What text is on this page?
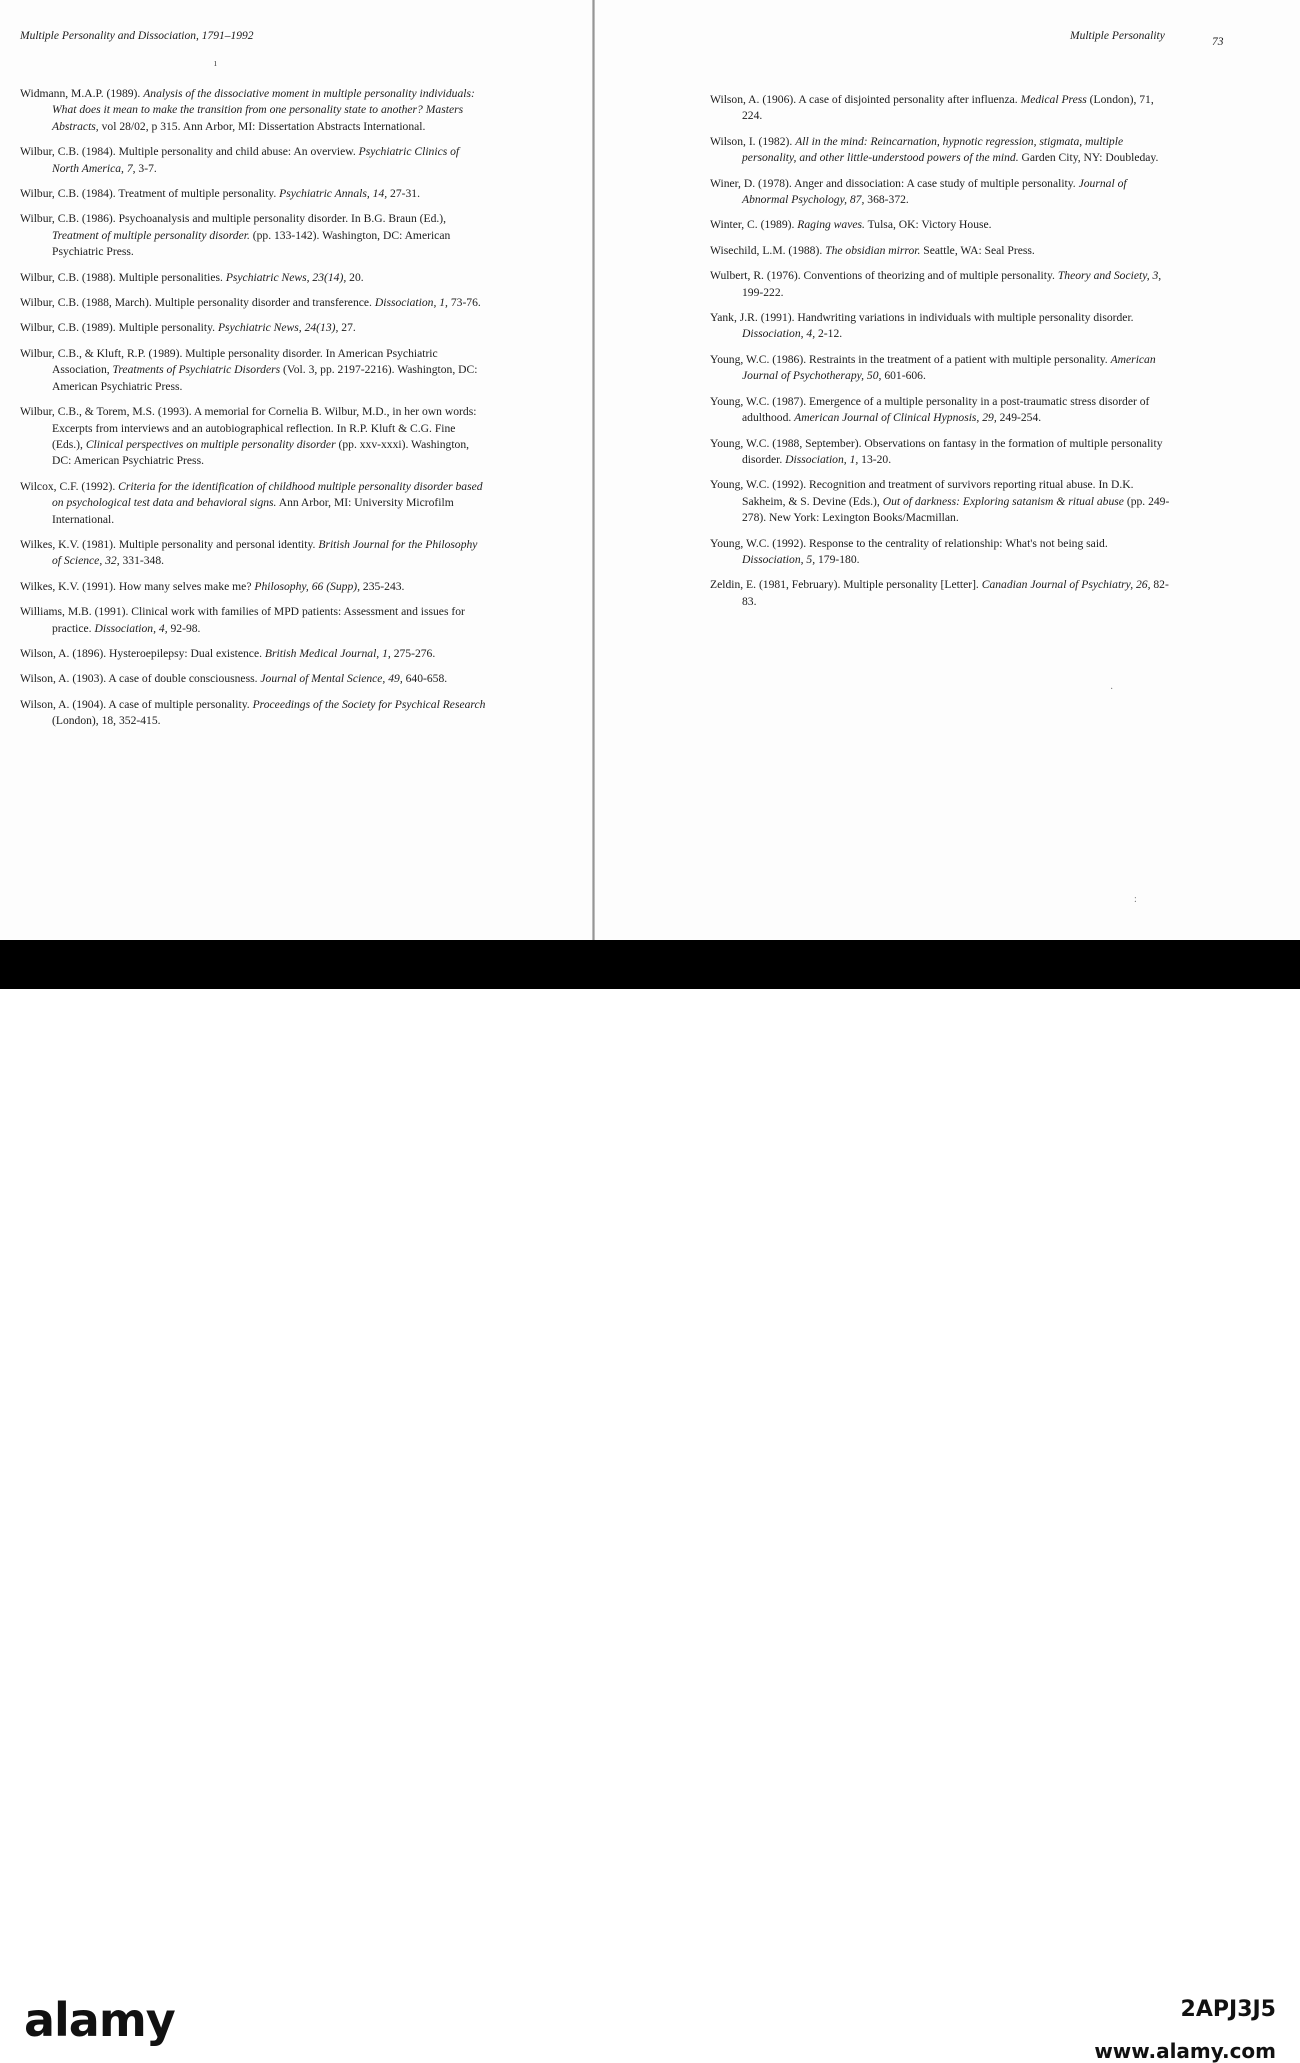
Multiple Personality and Dissociation, 1791–1992
ı
Multiple Personality	73

Widmann, M.A.P. (1989). Analysis of the dissociative moment in multiple personality individuals: What does it mean to make the transition from one personality state to another? Masters Abstracts, vol 28/02, p 315. Ann Arbor, MI: Dissertation Abstracts International.

Wilbur, C.B. (1984). Multiple personality and child abuse: An overview. Psychiatric Clinics of North America, 7, 3-7.

Wilbur, C.B. (1984). Treatment of multiple personality. Psychiatric Annals, 14, 27-31.

Wilbur, C.B. (1986). Psychoanalysis and multiple personality disorder. In B.G. Braun (Ed.), Treatment of multiple personality disorder. (pp. 133-142). Washington, DC: American Psychiatric Press.

Wilbur, C.B. (1988). Multiple personalities. Psychiatric News, 23(14), 20.

Wilbur, C.B. (1988, March). Multiple personality disorder and transference. Dissociation, 1, 73-76.

Wilbur, C.B. (1989). Multiple personality. Psychiatric News, 24(13), 27.

Wilbur, C.B., & Kluft, R.P. (1989). Multiple personality disorder. In American Psychiatric Association, Treatments of Psychiatric Disorders (Vol. 3, pp. 2197-2216). Washington, DC: American Psychiatric Press.

Wilbur, C.B., & Torem, M.S. (1993). A memorial for Cornelia B. Wilbur, M.D., in her own words: Excerpts from interviews and an autobiographical reflection. In R.P. Kluft & C.G. Fine (Eds.), Clinical perspectives on multiple personality disorder (pp. xxv-xxxi). Washington, DC: American Psychiatric Press.

Wilcox, C.F. (1992). Criteria for the identification of childhood multiple personality disorder based on psychological test data and behavioral signs. Ann Arbor, MI: University Microfilm International.

Wilkes, K.V. (1981). Multiple personality and personal identity. British Journal for the Philosophy of Science, 32, 331-348.

Wilkes, K.V. (1991). How many selves make me? Philosophy, 66 (Supp), 235-243.

Williams, M.B. (1991). Clinical work with families of MPD patients: Assessment and issues for practice. Dissociation, 4, 92-98.

Wilson, A. (1896). Hysteroepilepsy: Dual existence. British Medical Journal, 1, 275-276.

Wilson, A. (1903). A case of double consciousness. Journal of Mental Science, 49, 640-658.

Wilson, A. (1904). A case of multiple personality. Proceedings of the Society for Psychical Research (London), 18, 352-415.

Wilson, A. (1906). A case of disjointed personality after influenza. Medical Press (London), 71, 224.

Wilson, I. (1982). All in the mind: Reincarnation, hypnotic regression, stigmata, multiple personality, and other little-understood powers of the mind. Garden City, NY: Doubleday.

Winer, D. (1978). Anger and dissociation: A case study of multiple personality. Journal of Abnormal Psychology, 87, 368-372.

Winter, C. (1989). Raging waves. Tulsa, OK: Victory House.

Wisechild, L.M. (1988). The obsidian mirror. Seattle, WA: Seal Press.

Wulbert, R. (1976). Conventions of theorizing and of multiple personality. Theory and Society, 3, 199-222.

Yank, J.R. (1991). Handwriting variations in individuals with multiple personality disorder. Dissociation, 4, 2-12.

Young, W.C. (1986). Restraints in the treatment of a patient with multiple personality. American Journal of Psychotherapy, 50, 601-606.

Young, W.C. (1987). Emergence of a multiple personality in a post-traumatic stress disorder of adulthood. American Journal of Clinical Hypnosis, 29, 249-254.

Young, W.C. (1988, September). Observations on fantasy in the formation of multiple personality disorder. Dissociation, 1, 13-20.

Young, W.C. (1992). Recognition and treatment of survivors reporting ritual abuse. In D.K. Sakheim, & S. Devine (Eds.), Out of darkness: Exploring satanism & ritual abuse (pp. 249-278). New York: Lexington Books/Macmillan.

Young, W.C. (1992). Response to the centrality of relationship: What's not being said. Dissociation, 5, 179-180.

Zeldin, E. (1981, February). Multiple personality [Letter]. Canadian Journal of Psychiatry, 26, 82-83.

·
:
alamy	2APJ3J5
www.alamy.com
